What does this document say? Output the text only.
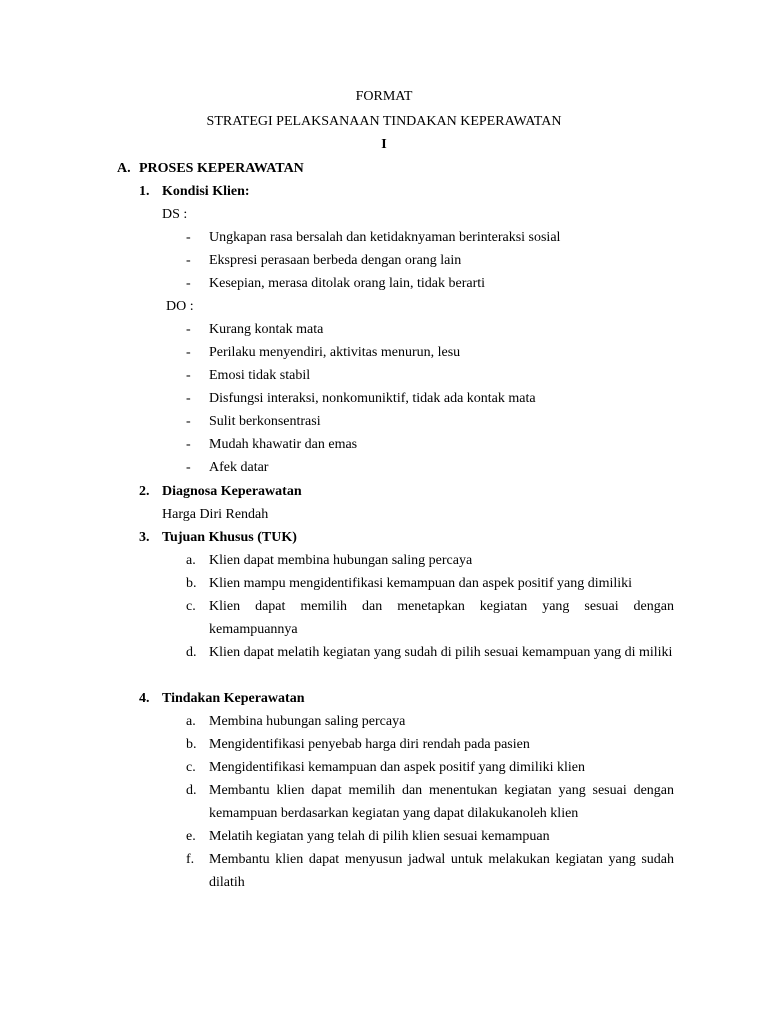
FORMAT
STRATEGI PELAKSANAAN TINDAKAN KEPERAWATAN
I
A. PROSES KEPERAWATAN
1. Kondisi Klien:
DS :
- Ungkapan rasa bersalah dan ketidaknyaman berinteraksi sosial
- Ekspresi perasaan berbeda dengan orang lain
- Kesepian, merasa ditolak orang lain, tidak berarti
DO :
- Kurang kontak mata
- Perilaku menyendiri, aktivitas menurun, lesu
- Emosi tidak stabil
- Disfungsi interaksi, nonkomuniktif, tidak ada kontak mata
- Sulit berkonsentrasi
- Mudah khawatir dan emas
- Afek datar
2. Diagnosa Keperawatan
Harga Diri Rendah
3. Tujuan Khusus (TUK)
a. Klien dapat membina hubungan saling percaya
b. Klien mampu mengidentifikasi kemampuan dan aspek positif yang dimiliki
c. Klien dapat memilih dan menetapkan kegiatan yang sesuai dengan kemampuannya
d. Klien dapat melatih kegiatan yang sudah di pilih sesuai kemampuan yang di miliki
4. Tindakan Keperawatan
a. Membina hubungan saling percaya
b. Mengidentifikasi penyebab harga diri rendah pada pasien
c. Mengidentifikasi kemampuan dan aspek positif yang dimiliki klien
d. Membantu klien dapat memilih dan menentukan kegiatan yang sesuai dengan kemampuan berdasarkan kegiatan yang dapat dilakukanoleh klien
e. Melatih kegiatan yang telah di pilih klien sesuai kemampuan
f. Membantu klien dapat menyusun jadwal untuk melakukan kegiatan yang sudah dilatih
